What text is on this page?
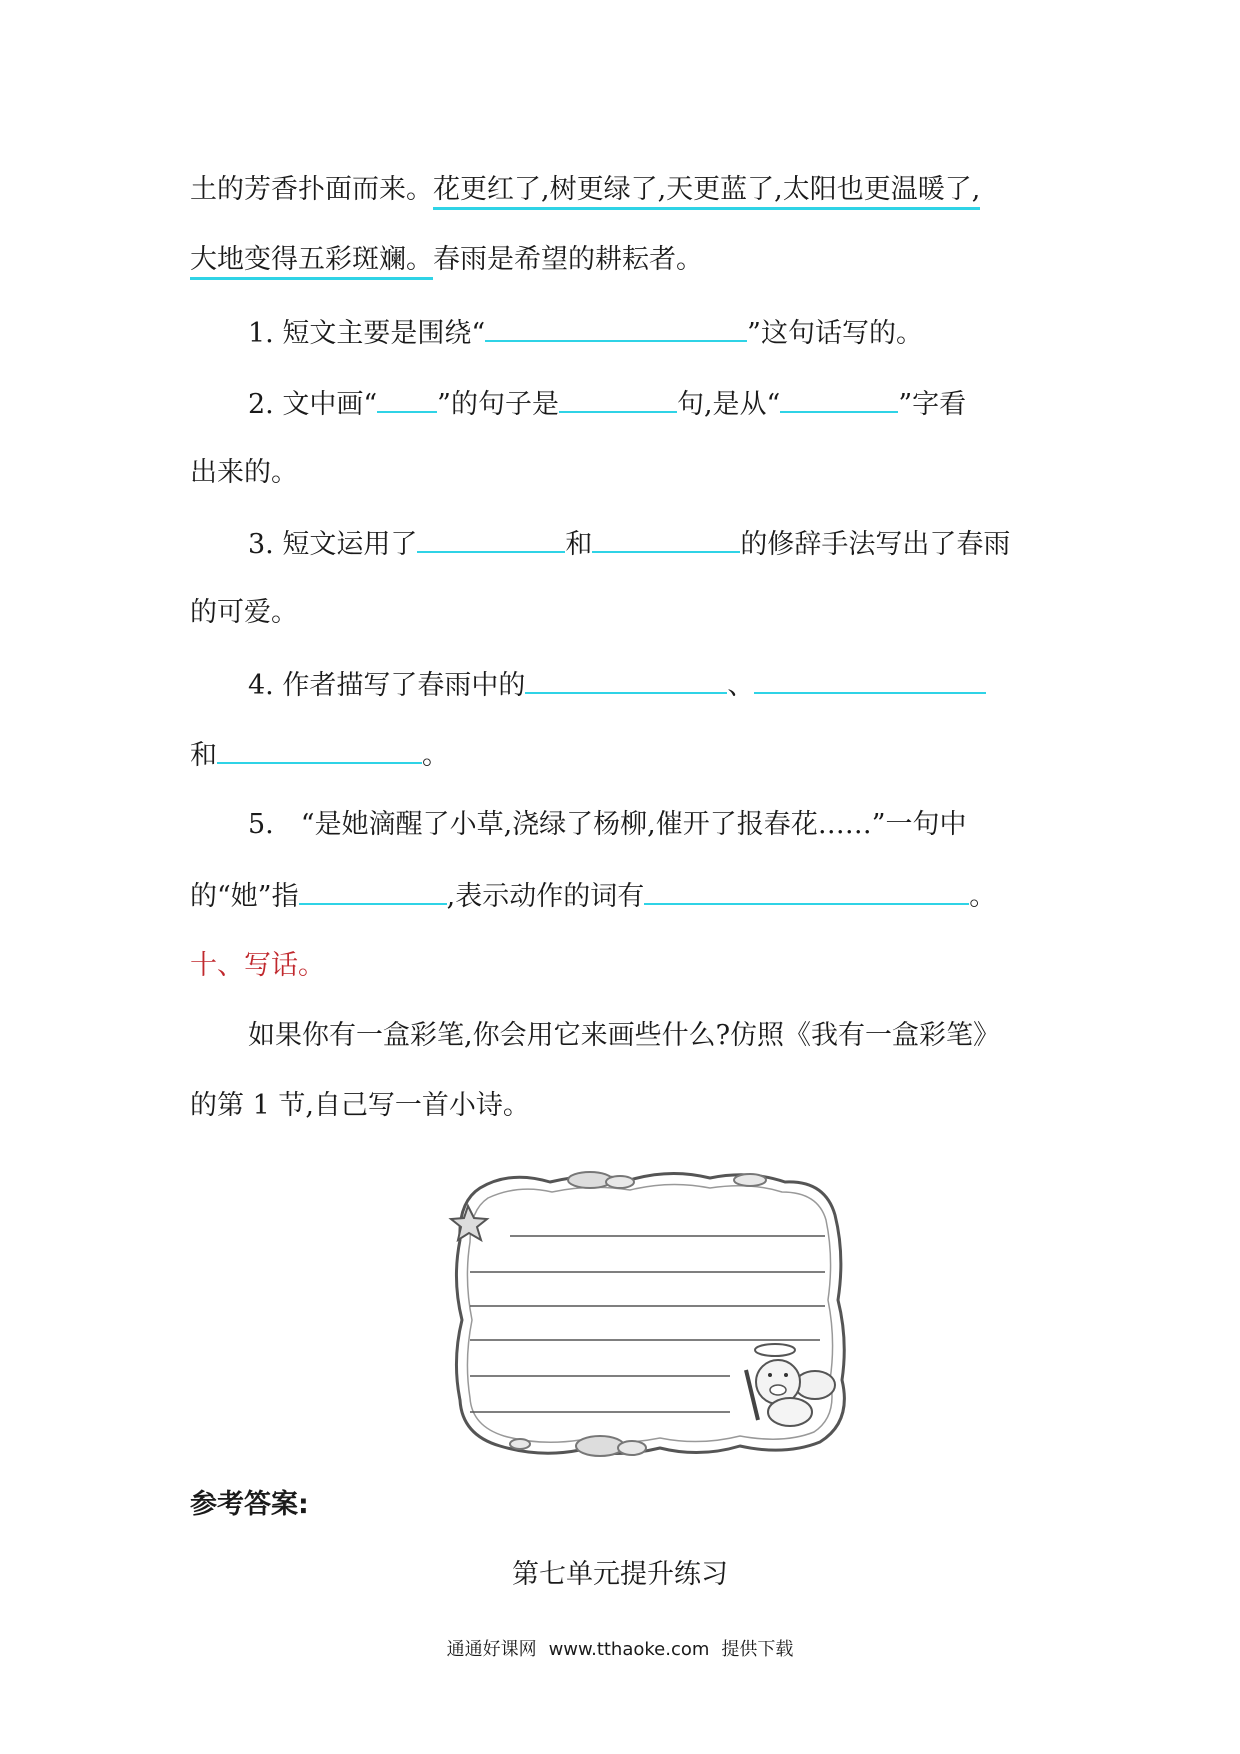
土的芳香扑面而来。花更红了,树更绿了,天更蓝了,太阳也更温暖了,
大地变得五彩斑斓。春雨是希望的耕耘者。
1. 短文主要是围绕“	”这句话写的。
2. 文中画“ ”的句子是	句,是从“	”字看
出来的。
3. 短文运用了	和	的修辞手法写出了春雨
的可爱。
4. 作者描写了春雨中的	、
和	。
5.　“是她滴醒了小草,浇绿了杨柳,催开了报春花……”一句中
的“她”指	,表示动作的词有	。
十、写话。
如果你有一盒彩笔,你会用它来画些什么?仿照《我有一盒彩笔》
的第 1 节,自己写一首小诗。
参考答案:
第七单元提升练习
通通好课网 www.tthaoke.com 提供下载
